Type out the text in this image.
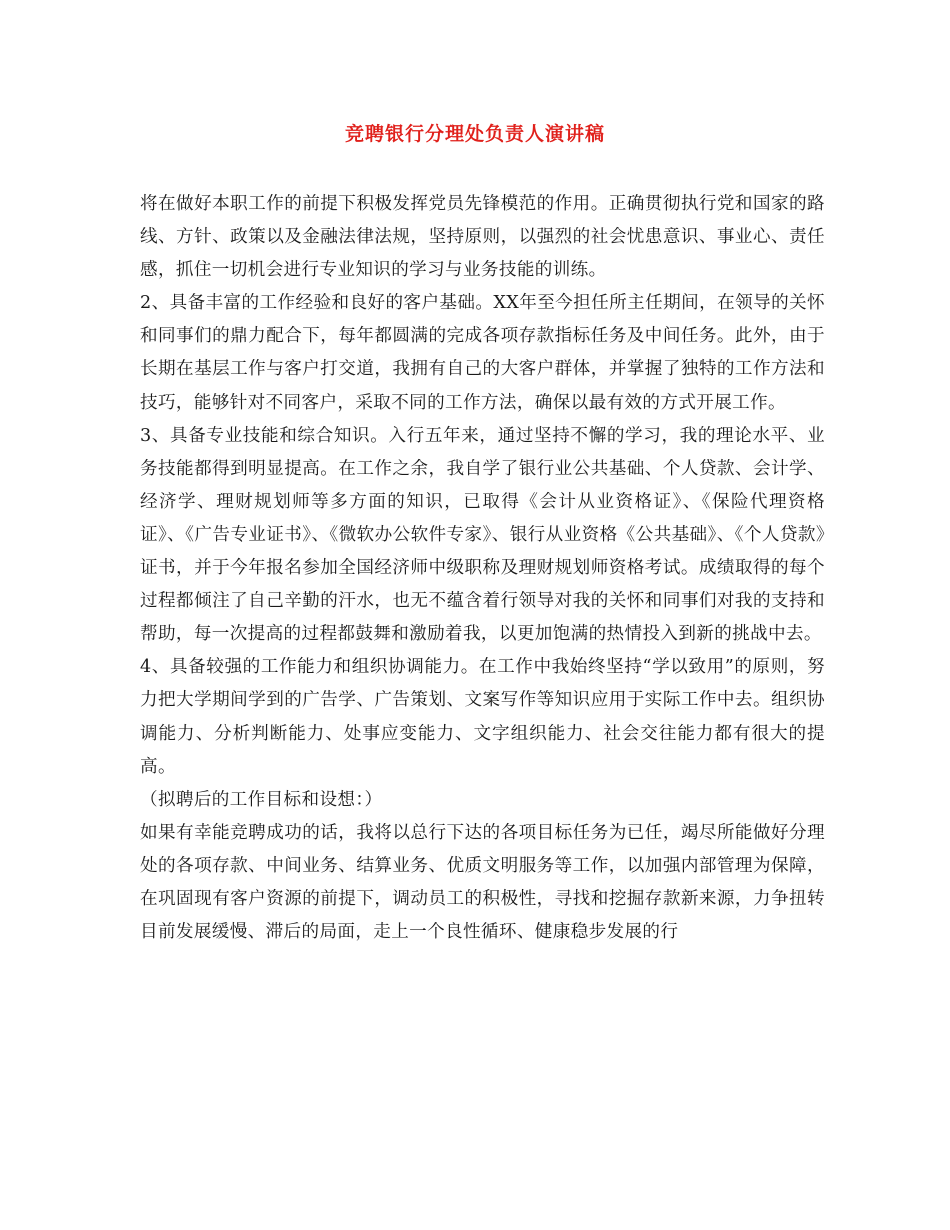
竞聘银行分理处负责人演讲稿

将在做好本职工作的前提下积极发挥党员先锋模范的作用。正确贯彻执行党和国家的路线、方针、政策以及金融法律法规，坚持原则，以强烈的社会忧患意识、事业心、责任感，抓住一切机会进行专业知识的学习与业务技能的训练。

2、具备丰富的工作经验和良好的客户基础。XX年至今担任所主任期间，在领导的关怀和同事们的鼎力配合下，每年都圆满的完成各项存款指标任务及中间任务。此外，由于长期在基层工作与客户打交道，我拥有自己的大客户群体，并掌握了独特的工作方法和技巧，能够针对不同客户，采取不同的工作方法，确保以最有效的方式开展工作。

3、具备专业技能和综合知识。入行五年来，通过坚持不懈的学习，我的理论水平、业务技能都得到明显提高。在工作之余，我自学了银行业公共基础、个人贷款、会计学、经济学、理财规划师等多方面的知识，已取得《会计从业资格证》、《保险代理资格证》、《广告专业证书》、《微软办公软件专家》、银行从业资格《公共基础》、《个人贷款》证书，并于今年报名参加全国经济师中级职称及理财规划师资格考试。成绩取得的每个过程都倾注了自己辛勤的汗水，也无不蕴含着行领导对我的关怀和同事们对我的支持和帮助，每一次提高的过程都鼓舞和激励着我，以更加饱满的热情投入到新的挑战中去。

4、具备较强的工作能力和组织协调能力。在工作中我始终坚持“学以致用”的原则，努力把大学期间学到的广告学、广告策划、文案写作等知识应用于实际工作中去。组织协调能力、分析判断能力、处事应变能力、文字组织能力、社会交往能力都有很大的提高。

（拟聘后的工作目标和设想：）

如果有幸能竞聘成功的话，我将以总行下达的各项目标任务为已任，竭尽所能做好分理处的各项存款、中间业务、结算业务、优质文明服务等工作，以加强内部管理为保障，在巩固现有客户资源的前提下，调动员工的积极性，寻找和挖掘存款新来源，力争扭转目前发展缓慢、滞后的局面，走上一个良性循环、健康稳步发展的行
